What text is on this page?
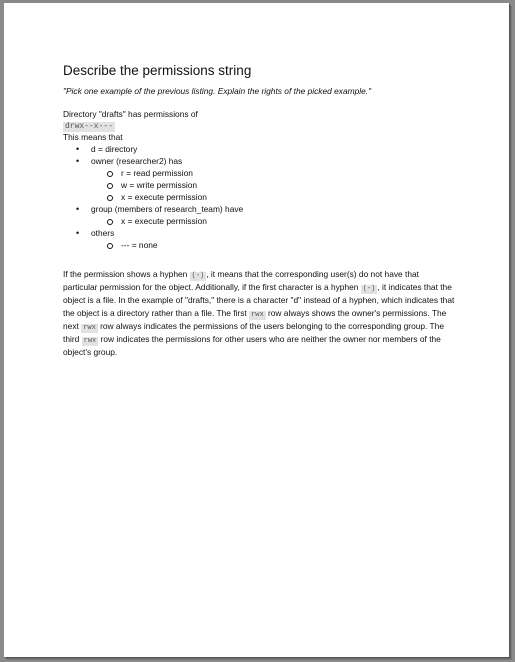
Describe the permissions string
"Pick one example of the previous listing. Explain the rights of the picked example."
Directory "drafts" has permissions of
drwx--x---
This means that
• d = directory
• owner (researcher2) has
r = read permission
w = write permission
x = execute permission
• group (members of research_team) have
x = execute permission
• others
--- = none

If the permission shows a hyphen (-) , it means that the corresponding user(s) do not have that particular permission for the object. Additionally, if the first character is a hyphen (-) , it indicates that the object is a file. In the example of "drafts," there is a character "d" instead of a hyphen, which indicates that the object is a directory rather than a file. The first rwx row always shows the owner's permissions. The next rwx row always indicates the permissions of the users belonging to the corresponding group. The third rwx row indicates the permissions for other users who are neither the owner nor members of the object's group.
